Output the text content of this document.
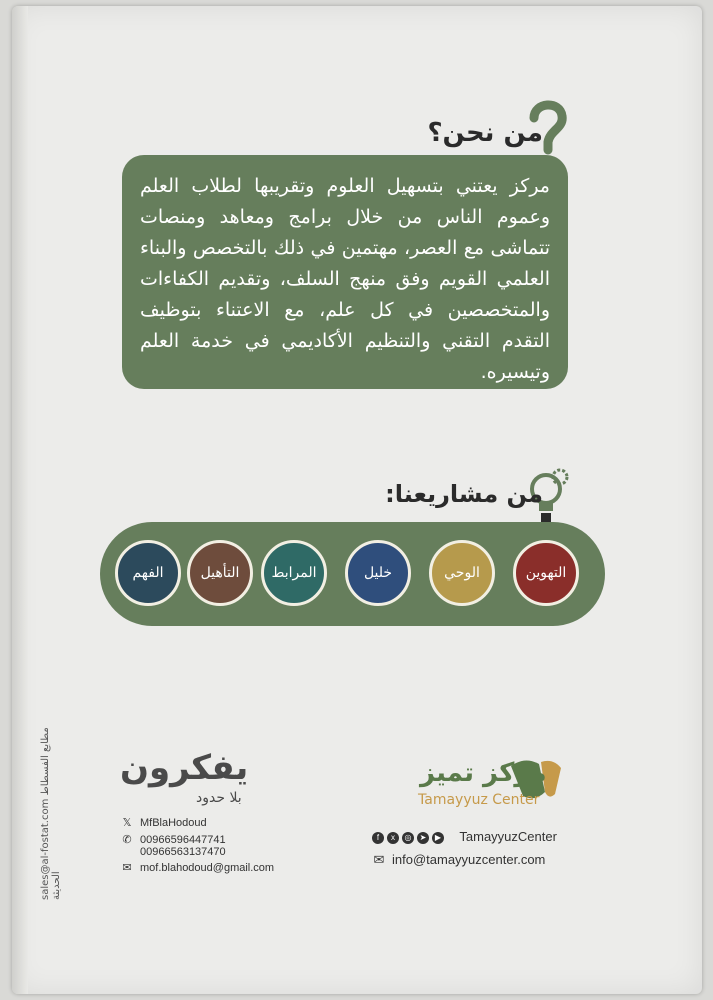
sales@al-fostat.com مطابع الفسطاط الحديثة
من نحن؟
مركز يعتني بتسهيل العلوم وتقريبها لطلاب العلم وعموم الناس من خلال برامج ومعاهد ومنصات تتماشى مع العصر، مهتمين في ذلك بالتخصص والبناء العلمي القويم وفق منهج السلف، وتقديم الكفاءات والمتخصصين في كل علم، مع الاعتناء بتوظيف التقدم التقني والتنظيم الأكاديمي في خدمة العلم وتيسيره.
من مشاريعنا:
التهوين
الوحي
خليل
المرابط
التأهيل
الفهم
مركز تميز
Tamayyuz Center
f	x	◎	➤	▶ TamayyuzCenter
✉ info@tamayyuzcenter.com
يفكرون
بلا حدود
𝕏 MfBlaHodoud
✆ 00966596447741
00966563137470
✉ mof.blahodoud@gmail.com
